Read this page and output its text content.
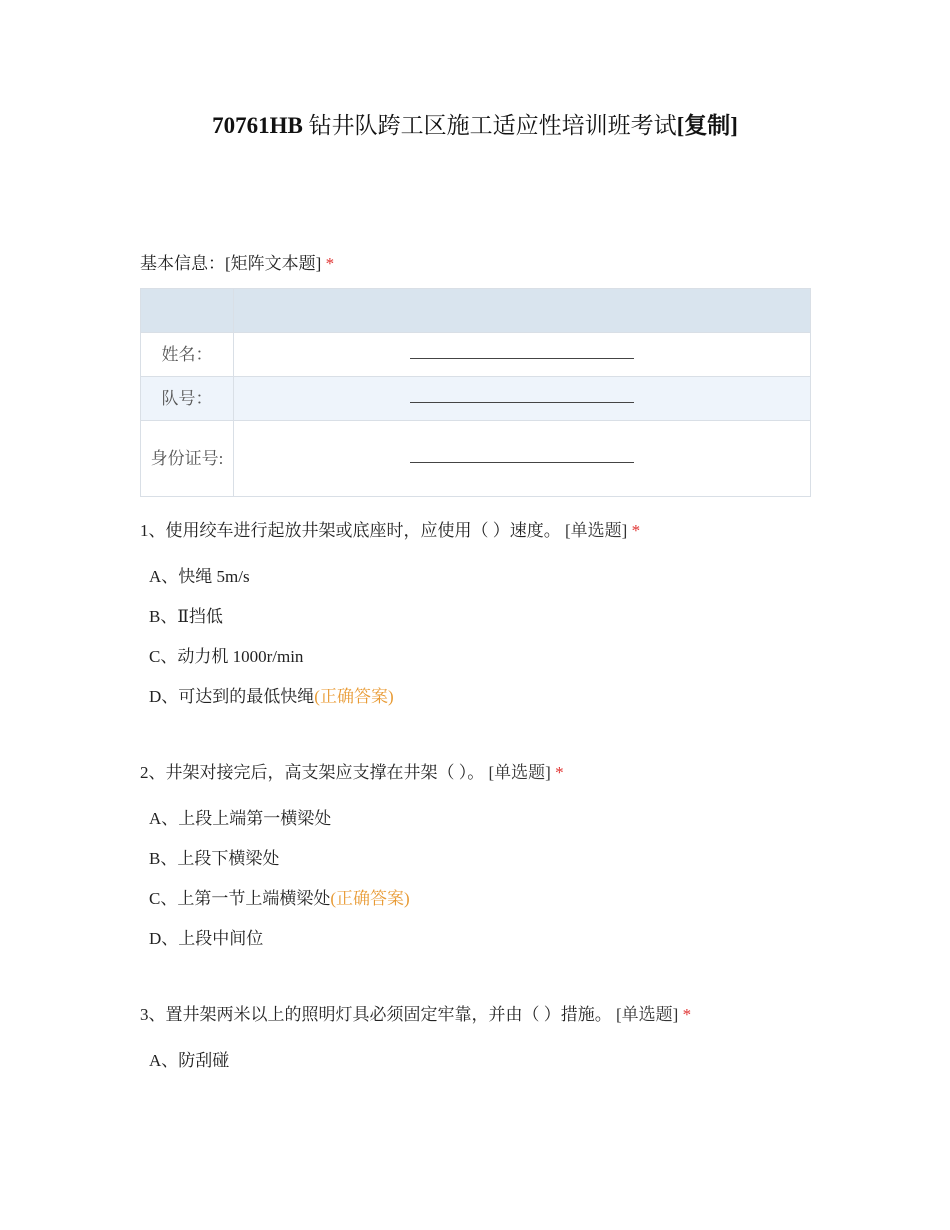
70761HB 钻井队跨工区施工适应性培训班考试[复制]
基本信息：[矩阵文本题] *

姓名：	
队号：	
身份证号:	
1、使用绞车进行起放井架或底座时，应使用（ ）速度。 [单选题] *
A、快绳 5m/s
B、Ⅱ挡低
C、动力机 1000r/min
D、可达到的最低快绳(正确答案)
2、井架对接完后，高支架应支撑在井架（ ）。 [单选题] *
A、上段上端第一横梁处
B、上段下横梁处
C、上第一节上端横梁处(正确答案)
D、上段中间位
3、置井架两米以上的照明灯具必须固定牢靠，并由（ ）措施。 [单选题] *
A、防刮碰
